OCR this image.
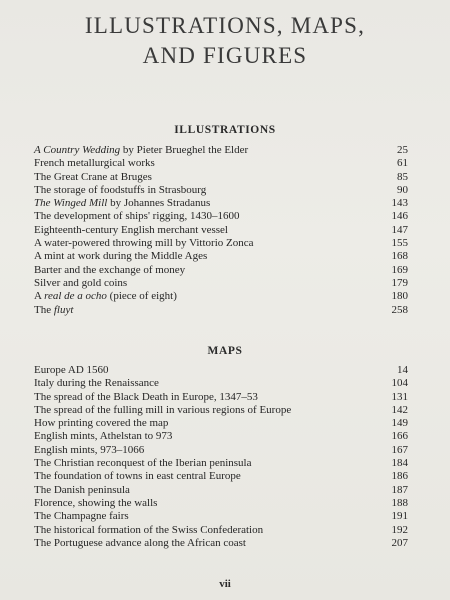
ILLUSTRATIONS, MAPS,
AND FIGURES
ILLUSTRATIONS
A Country Wedding by Pieter Brueghel the Elder	25
French metallurgical works	61
The Great Crane at Bruges	85
The storage of foodstuffs in Strasbourg	90
The Winged Mill by Johannes Stradanus	143
The development of ships' rigging, 1430–1600	146
Eighteenth-century English merchant vessel	147
A water-powered throwing mill by Vittorio Zonca	155
A mint at work during the Middle Ages	168
Barter and the exchange of money	169
Silver and gold coins	179
A real de a ocho (piece of eight)	180
The fluyt	258
MAPS
Europe AD 1560	14
Italy during the Renaissance	104
The spread of the Black Death in Europe, 1347–53	131
The spread of the fulling mill in various regions of Europe	142
How printing covered the map	149
English mints, Athelstan to 973	166
English mints, 973–1066	167
The Christian reconquest of the Iberian peninsula	184
The foundation of towns in east central Europe	186
The Danish peninsula	187
Florence, showing the walls	188
The Champagne fairs	191
The historical formation of the Swiss Confederation	192
The Portuguese advance along the African coast	207
vii
